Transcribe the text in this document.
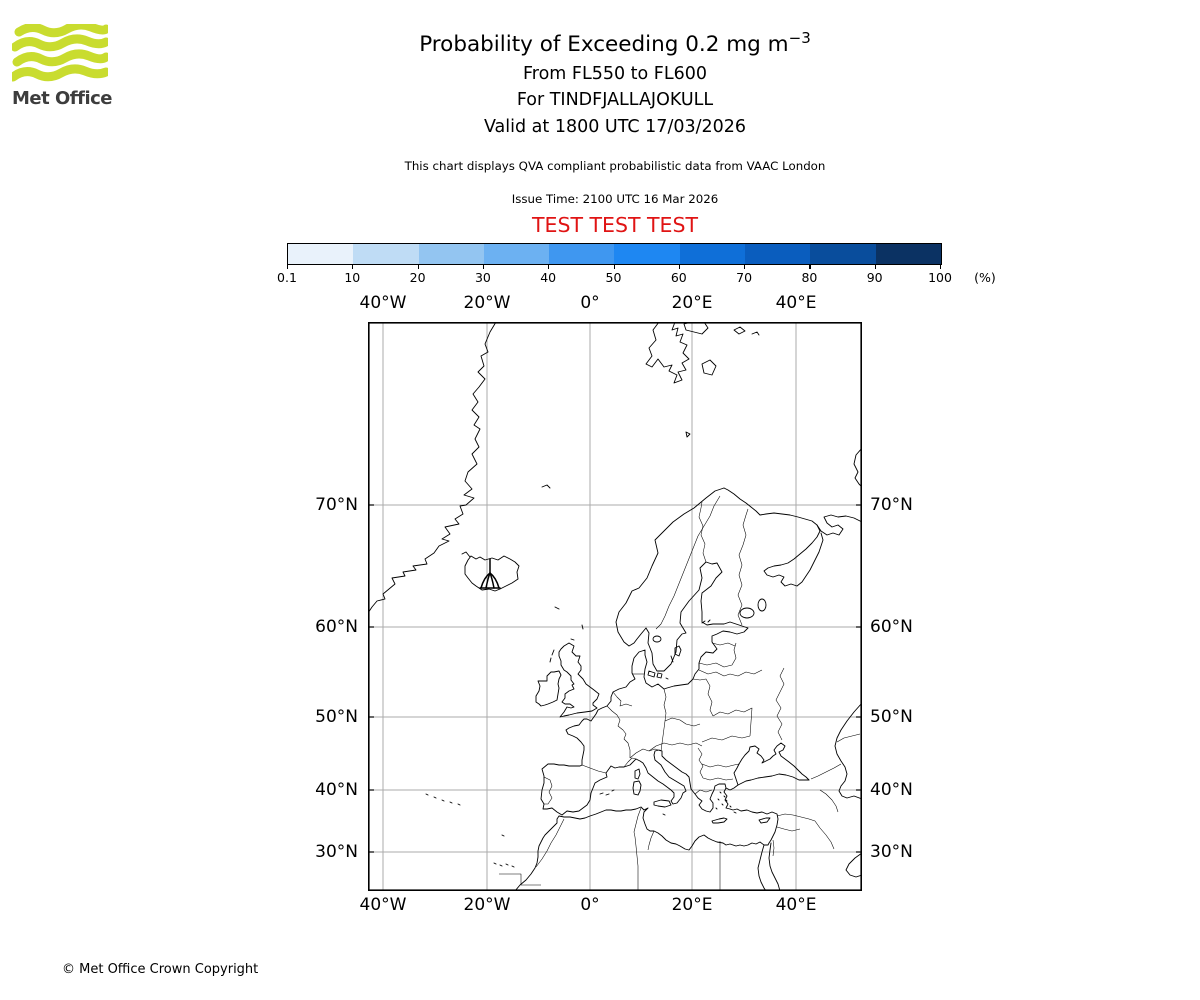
Met Office
Probability of Exceeding 0.2 mg $m^{-3}$
From FL550 to FL600
For TINDFJALLAJOKULL
Valid at 1800 UTC 17/03/2026
This chart displays QVA compliant probabilistic data from VAAC London
Issue Time: 2100 UTC 16 Mar 2026
TEST TEST TEST
(%)
© Met Office Crown Copyright
0.1	10	20	30	40	50	60	70	80	90	100
40°W	20°W	0°	20°E	40°E
40°W	20°W	0°	20°E	40°E
70°N
60°N
50°N
40°N
30°N
70°N
60°N
50°N
40°N
30°N
